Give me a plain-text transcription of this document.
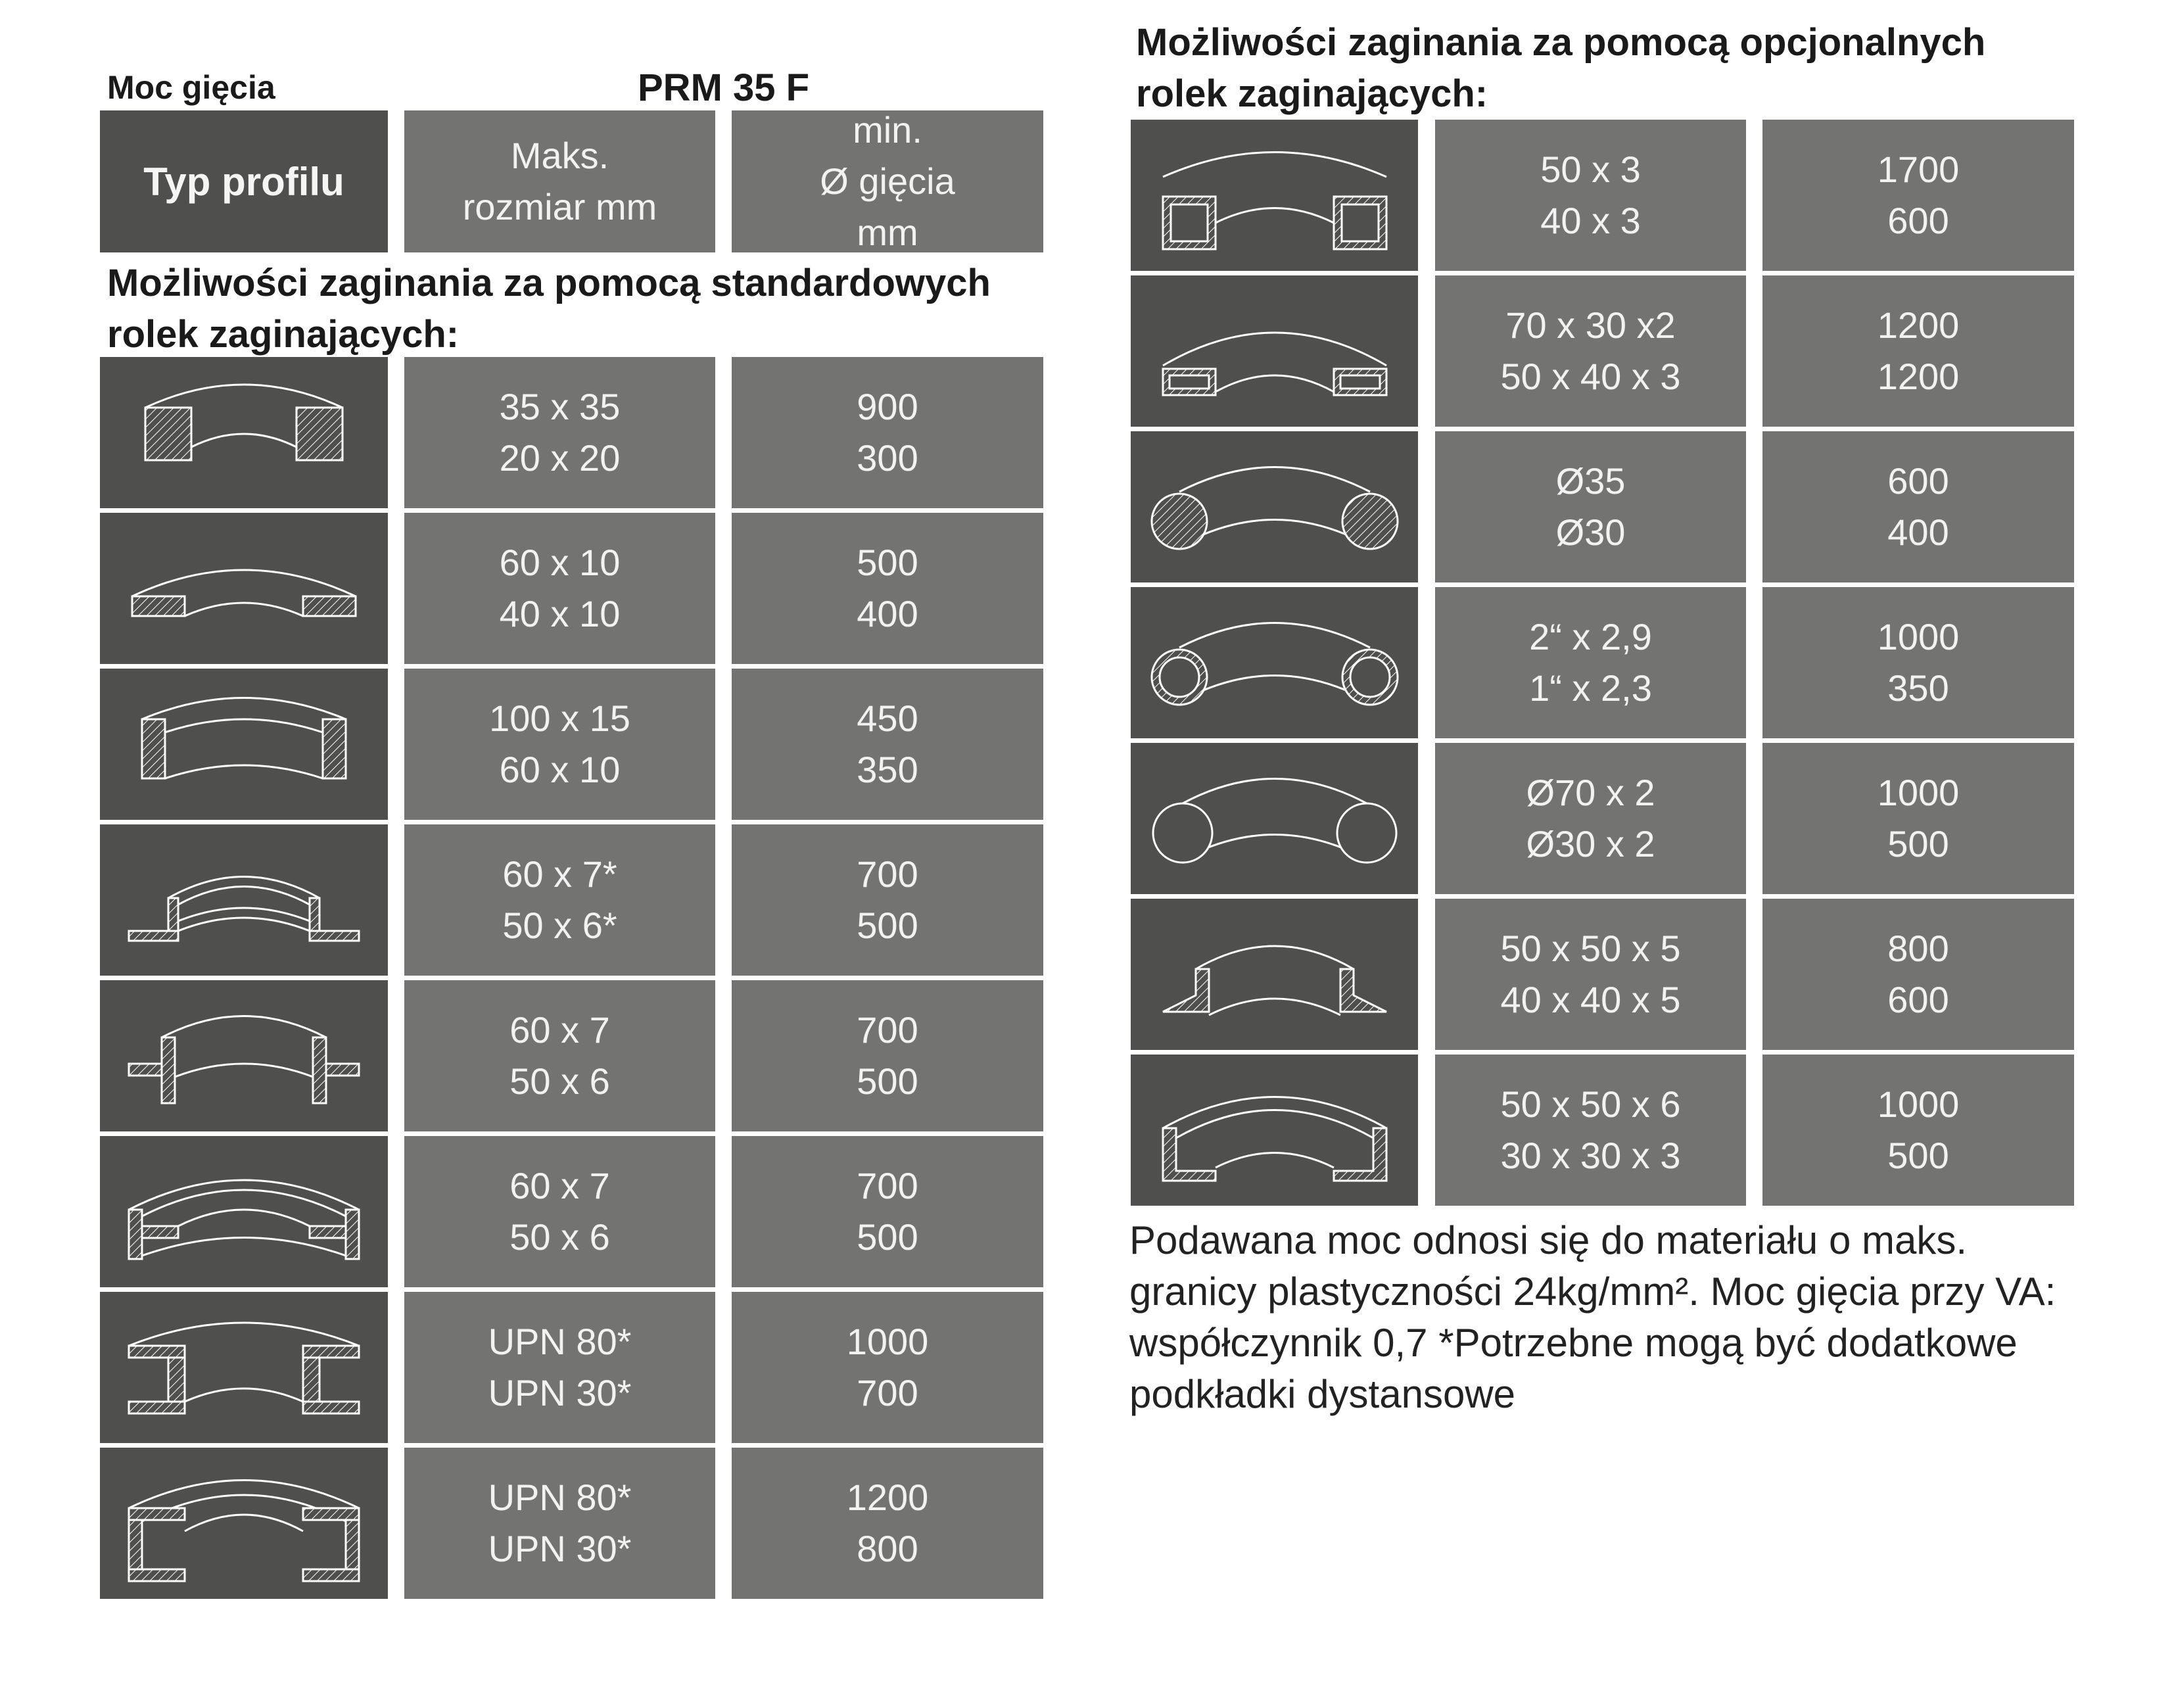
Moc gięcia	PRM 35 F
Typ profilu
Maks.
rozmiar mm
min.
Ø gięcia
mm
Możliwości zaginania za pomocą standardowych
rolek zaginających:
Możliwości zaginania za pomocą opcjonalnych
rolek zaginających:
35 x 35
20 x 20
900
300
60 x 10
40 x 10
500
400
100 x 15
60 x 10
450
350
60 x 7*
50 x 6*
700
500
60 x 7
50 x 6
700
500
60 x 7
50 x 6
700
500
UPN 80*
UPN 30*
1000
700
UPN 80*
UPN 30*
1200
800
50 x 3
40 x 3
1700
600
70 x 30 x2
50 x 40 x 3
1200
1200
Ø35
Ø30
600
400
2“ x 2,9
1“ x 2,3
1000
350
Ø70 x 2
Ø30 x 2
1000
500
50 x 50 x 5
40 x 40 x 5
800
600
50 x 50 x 6
30 x 30 x 3
1000
500
Podawana moc odnosi się do materiału o maks.
granicy plastyczności 24kg/mm². Moc gięcia przy VA:
współczynnik 0,7 *Potrzebne mogą być dodatkowe
podkładki dystansowe
